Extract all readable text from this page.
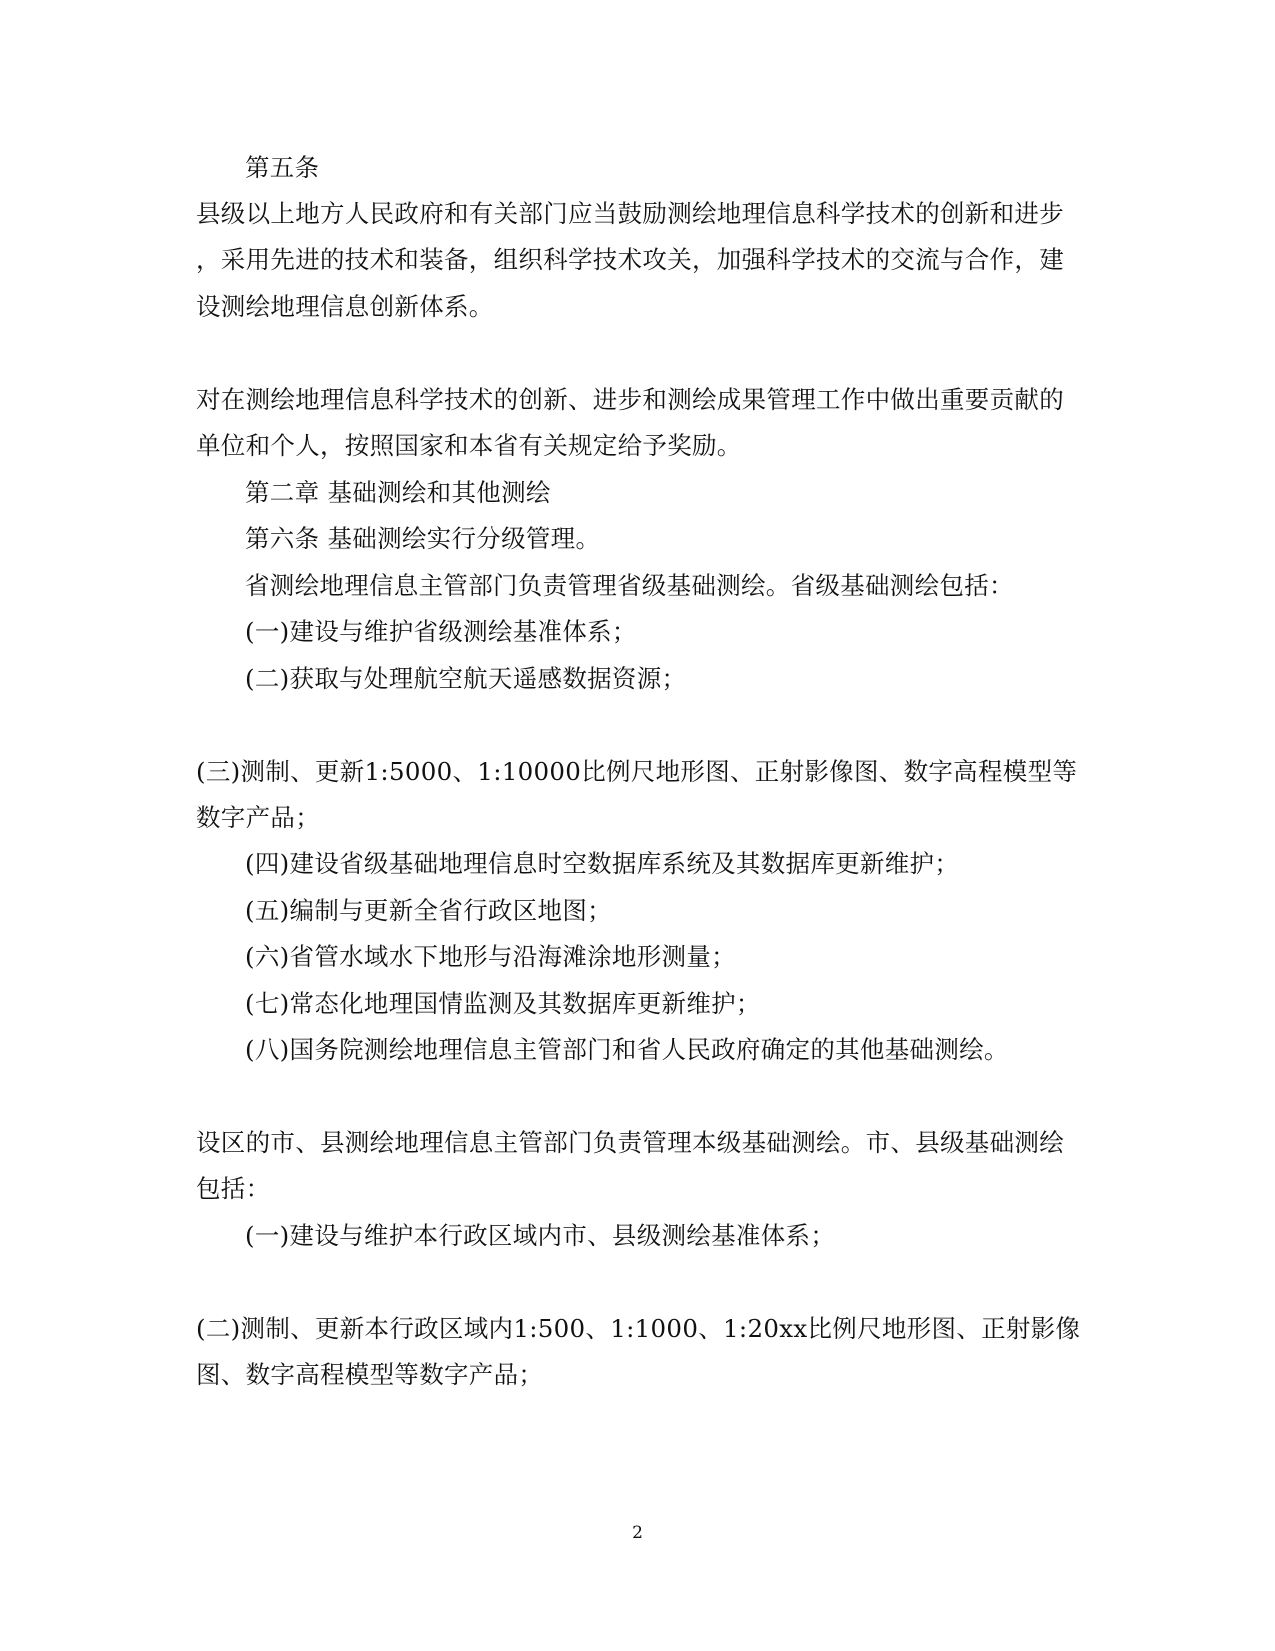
第五条
县级以上地方人民政府和有关部门应当鼓励测绘地理信息科学技术的创新和进步
，采用先进的技术和装备，组织科学技术攻关，加强科学技术的交流与合作，建
设测绘地理信息创新体系。
对在测绘地理信息科学技术的创新、进步和测绘成果管理工作中做出重要贡献的
单位和个人，按照国家和本省有关规定给予奖励。
第二章 基础测绘和其他测绘
第六条 基础测绘实行分级管理。
省测绘地理信息主管部门负责管理省级基础测绘。省级基础测绘包括：
(一)建设与维护省级测绘基准体系；
(二)获取与处理航空航天遥感数据资源；
(三)测制、更新1:5000、1:10000比例尺地形图、正射影像图、数字高程模型等
数字产品；
(四)建设省级基础地理信息时空数据库系统及其数据库更新维护；
(五)编制与更新全省行政区地图；
(六)省管水域水下地形与沿海滩涂地形测量；
(七)常态化地理国情监测及其数据库更新维护；
(八)国务院测绘地理信息主管部门和省人民政府确定的其他基础测绘。
设区的市、县测绘地理信息主管部门负责管理本级基础测绘。市、县级基础测绘
包括：
(一)建设与维护本行政区域内市、县级测绘基准体系；
(二)测制、更新本行政区域内1:500、1:1000、1:20xx比例尺地形图、正射影像
图、数字高程模型等数字产品；
2
